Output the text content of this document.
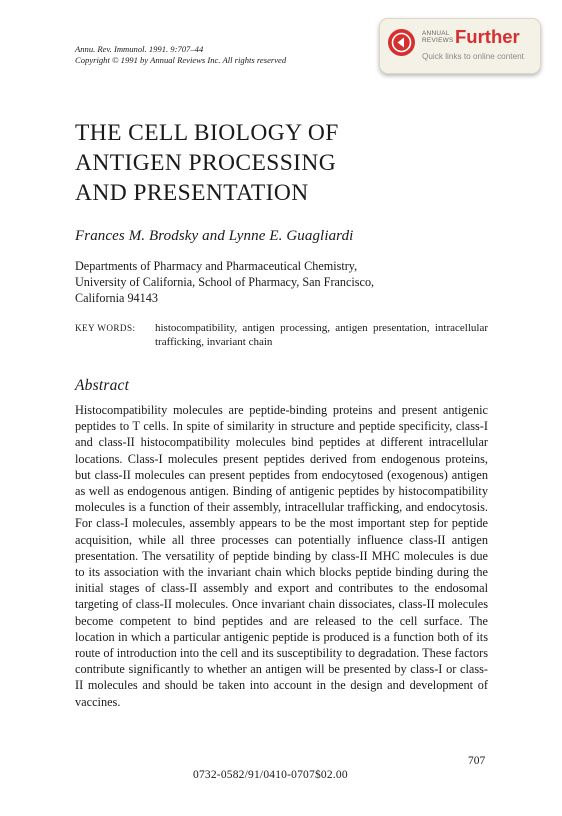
Annu. Rev. Immunol. 1991. 9:707–44
Copyright © 1991 by Annual Reviews Inc. All rights reserved
ANNUAL
REVIEWS Further
Quick links to online content
THE CELL BIOLOGY OF
ANTIGEN PROCESSING
AND PRESENTATION
Frances M. Brodsky and Lynne E. Guagliardi
Departments of Pharmacy and Pharmaceutical Chemistry,
University of California, School of Pharmacy, San Francisco,
California 94143
KEY WORDS: histocompatibility, antigen processing, antigen presentation, intracellular trafficking, invariant chain
Abstract

Histocompatibility molecules are peptide-binding proteins and present antigenic peptides to T cells. In spite of similarity in structure and peptide specificity, class-I and class-II histocompatibility molecules bind peptides at different intracellular locations. Class-I molecules present peptides derived from endogenous proteins, but class-II molecules can present peptides from endocytosed (exogenous) antigen as well as endogenous antigen. Binding of antigenic peptides by histocompatibility molecules is a function of their assembly, intracellular trafficking, and endocytosis. For class-I molecules, assembly appears to be the most important step for peptide acquisition, while all three processes can potentially influence class-II antigen presentation. The versatility of peptide binding by class-II MHC molecules is due to its association with the invariant chain which blocks peptide binding during the initial stages of class-II assembly and export and contributes to the endosomal targeting of class-II molecules. Once invariant chain dissociates, class-II molecules become competent to bind peptides and are released to the cell surface. The location in which a particular antigenic peptide is produced is a function both of its route of introduction into the cell and its susceptibility to degradation. These factors contribute significantly to whether an antigen will be presented by class-I or class-II molecules and should be taken into account in the design and development of vaccines.

707
0732-0582/91/0410-0707$02.00
